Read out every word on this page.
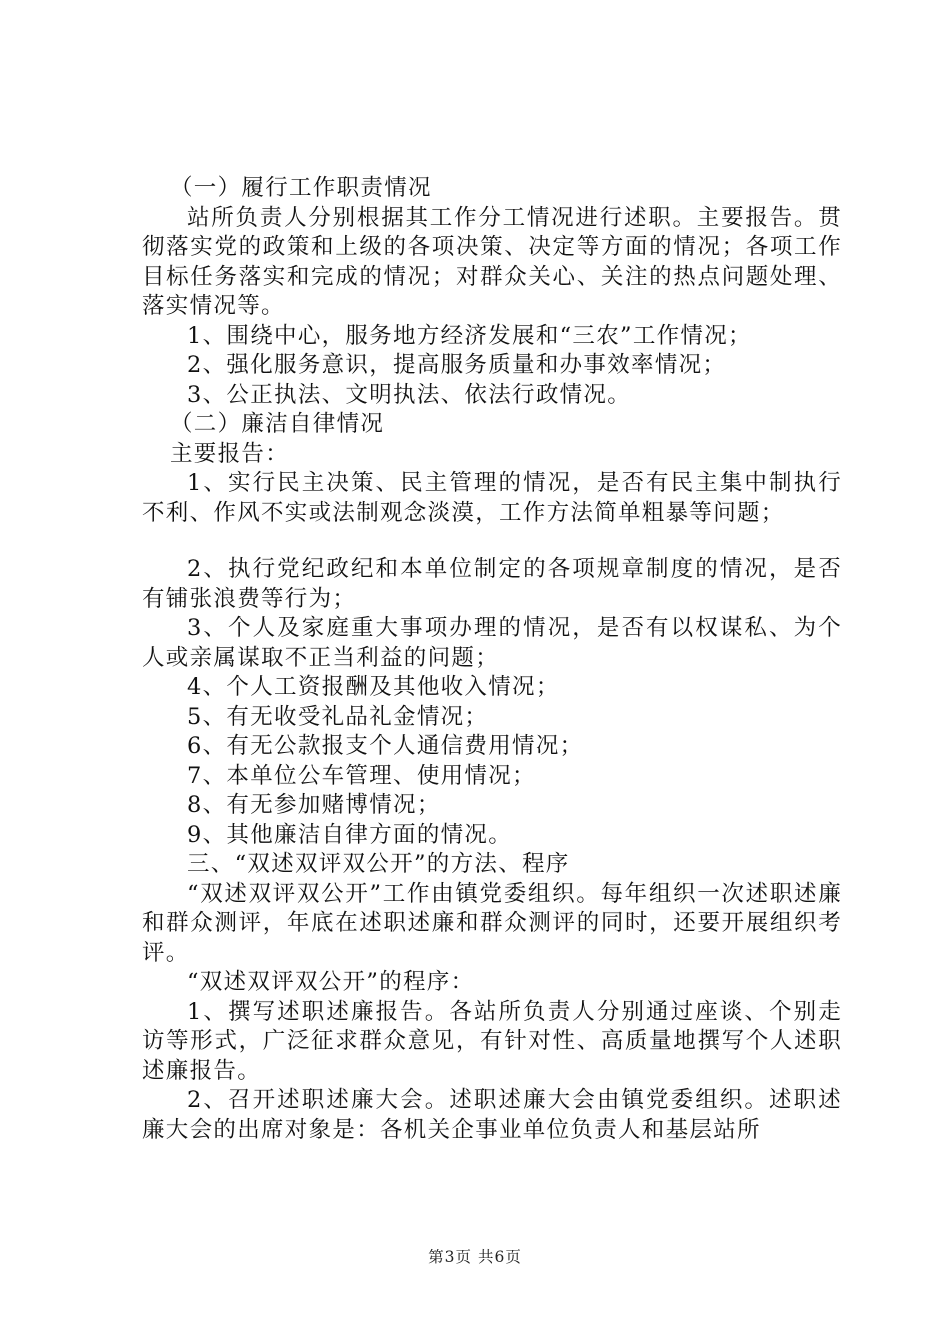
（一）履行工作职责情况

站所负责人分别根据其工作分工情况进行述职。主要报告。贯彻落实党的政策和上级的各项决策、决定等方面的情况；各项工作目标任务落实和完成的情况；对群众关心、关注的热点问题处理、落实情况等。

1、围绕中心，服务地方经济发展和“三农”工作情况；

2、强化服务意识，提高服务质量和办事效率情况；

3、公正执法、文明执法、依法行政情况。

（二）廉洁自律情况

主要报告：

1、实行民主决策、民主管理的情况，是否有民主集中制执行不利、作风不实或法制观念淡漠，工作方法简单粗暴等问题；

2、执行党纪政纪和本单位制定的各项规章制度的情况，是否有铺张浪费等行为；

3、个人及家庭重大事项办理的情况，是否有以权谋私、为个人或亲属谋取不正当利益的问题；

4、个人工资报酬及其他收入情况；

5、有无收受礼品礼金情况；

6、有无公款报支个人通信费用情况；

7、本单位公车管理、使用情况；

8、有无参加赌博情况；

9、其他廉洁自律方面的情况。

三、“双述双评双公开”的方法、程序

“双述双评双公开”工作由镇党委组织。每年组织一次述职述廉和群众测评，年底在述职述廉和群众测评的同时，还要开展组织考评。

“双述双评双公开”的程序：

1、撰写述职述廉报告。各站所负责人分别通过座谈、个别走访等形式，广泛征求群众意见，有针对性、高质量地撰写个人述职述廉报告。

2、召开述职述廉大会。述职述廉大会由镇党委组织。述职述廉大会的出席对象是：各机关企事业单位负责人和基层站所

第3页 共6页
